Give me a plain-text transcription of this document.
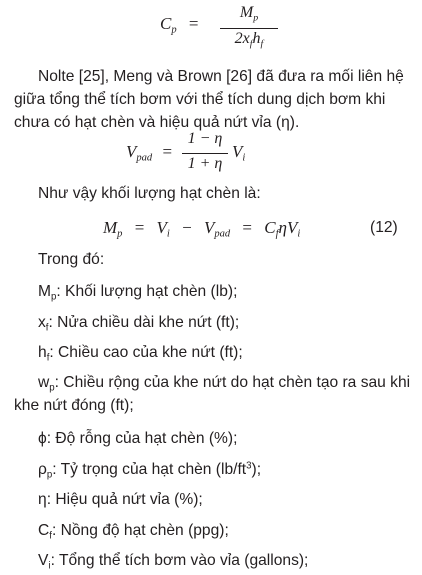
$C_p$ =
$M_p$
$2x_fh_f$
Nolte [25], Meng và Brown [26] đã đưa ra mối liên hệ
giữa tổng thể tích bơm với thể tích dung dịch bơm khi
chưa có hạt chèn và hiệu quả nứt vỉa (η).
$V_{pad}$ =
1 − η
1 + η
$V_i$
Như vậy khối lượng hạt chèn là:
$M_p = V_i - V_{pad} = C_f\eta V_i$	(12)
Trong đó:
$M_p$: Khối lượng hạt chèn (lb);
$x_f$: Nửa chiều dài khe nứt (ft);
$h_f$: Chiều cao của khe nứt (ft);
$w_p$: Chiều rộng của khe nứt do hạt chèn tạo ra sau khi
khe nứt đóng (ft);
ϕ: Độ rỗng của hạt chèn (%);
$\rho_p$: Tỷ trọng của hạt chèn $(lb/ft^3)$;
η: Hiệu quả nứt vỉa (%);
$C_f$: Nồng độ hạt chèn (ppg);
$V_i$: Tổng thể tích bơm vào vỉa (gallons);
